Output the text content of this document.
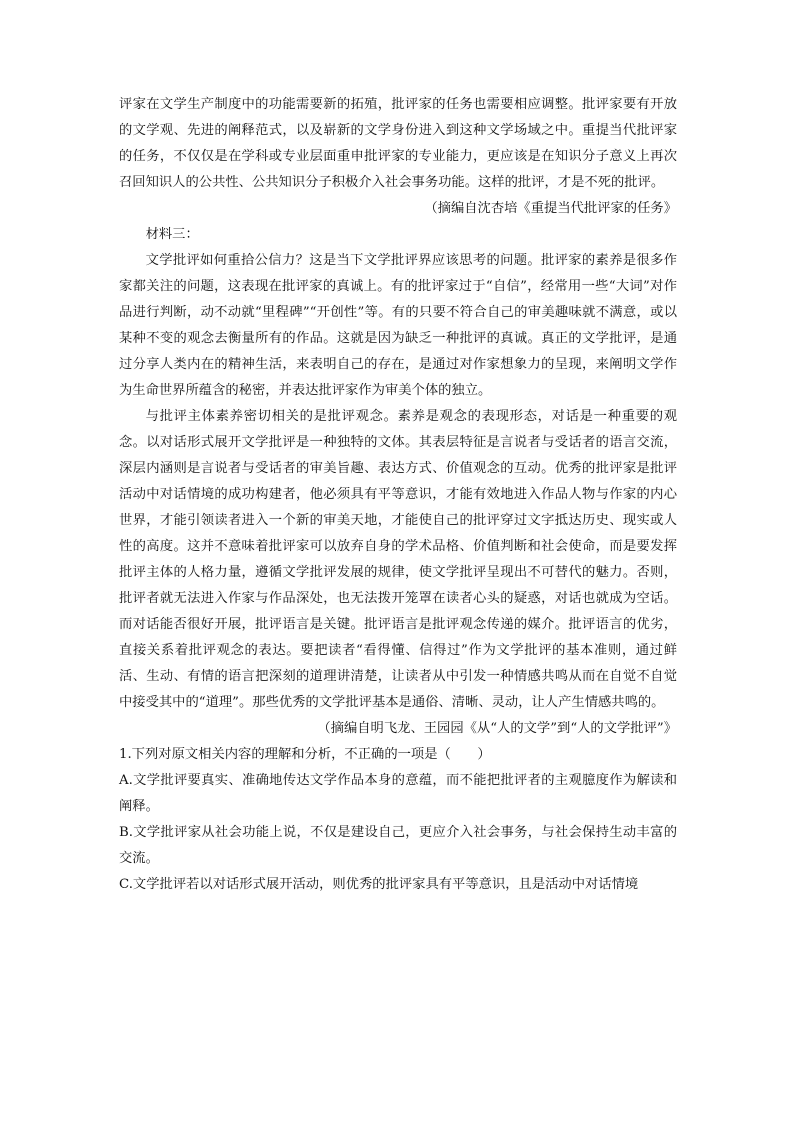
评家在文学生产制度中的功能需要新的拓殖，批评家的任务也需要相应调整。批评家要有开放的文学观、先进的阐释范式，以及崭新的文学身份进入到这种文学场域之中。重提当代批评家的任务，不仅仅是在学科或专业层面重申批评家的专业能力，更应该是在知识分子意义上再次召回知识人的公共性、公共知识分子积极介入社会事务功能。这样的批评，才是不死的批评。

（摘编自沈杏培《重提当代批评家的任务》

材料三：

文学批评如何重拾公信力？这是当下文学批评界应该思考的问题。批评家的素养是很多作家都关注的问题，这表现在批评家的真诚上。有的批评家过于“自信”，经常用一些“大词”对作品进行判断，动不动就“里程碑”“开创性”等。有的只要不符合自己的审美趣味就不满意，或以某种不变的观念去衡量所有的作品。这就是因为缺乏一种批评的真诚。真正的文学批评，是通过分享人类内在的精神生活，来表明自己的存在，是通过对作家想象力的呈现，来阐明文学作为生命世界所蕴含的秘密，并表达批评家作为审美个体的独立。

与批评主体素养密切相关的是批评观念。素养是观念的表现形态，对话是一种重要的观念。以对话形式展开文学批评是一种独特的文体。其表层特征是言说者与受话者的语言交流，深层内涵则是言说者与受话者的审美旨趣、表达方式、价值观念的互动。优秀的批评家是批评活动中对话情境的成功构建者，他必须具有平等意识，才能有效地进入作品人物与作家的内心世界，才能引领读者进入一个新的审美天地，才能使自己的批评穿过文字抵达历史、现实或人性的高度。这并不意味着批评家可以放弃自身的学术品格、价值判断和社会使命，而是要发挥批评主体的人格力量，遵循文学批评发展的规律，使文学批评呈现出不可替代的魅力。否则，批评者就无法进入作家与作品深处，也无法拨开笼罩在读者心头的疑惑，对话也就成为空话。而对话能否很好开展，批评语言是关键。批评语言是批评观念传递的媒介。批评语言的优劣，直接关系着批评观念的表达。要把读者“看得懂、信得过”作为文学批评的基本准则，通过鲜活、生动、有情的语言把深刻的道理讲清楚，让读者从中引发一种情感共鸣从而在自觉不自觉中接受其中的“道理”。那些优秀的文学批评基本是通俗、清晰、灵动，让人产生情感共鸣的。

（摘编自明飞龙、王园园《从“人的文学”到“人的文学批评”》

1.下列对原文相关内容的理解和分析，不正确的一项是（　　）

A.文学批评要真实、准确地传达文学作品本身的意蕴，而不能把批评者的主观臆度作为解读和阐释。

B.文学批评家从社会功能上说，不仅是建设自己，更应介入社会事务，与社会保持生动丰富的交流。

C.文学批评若以对话形式展开活动，则优秀的批评家具有平等意识，且是活动中对话情境
